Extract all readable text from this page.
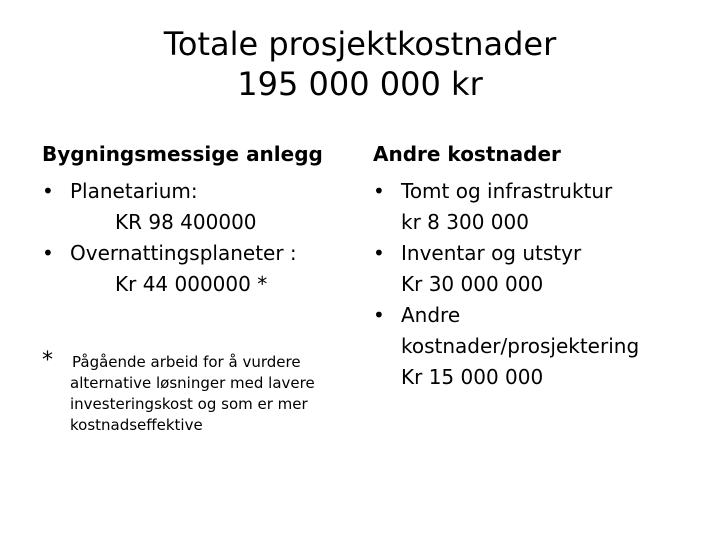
Totale prosjektkostnader
195 000 000 kr
Bygningsmessige anlegg	Andre kostnader
• Planetarium:
KR 98 400000
• Overnattingsplaneter :
Kr 44 000000 *
* Pågående arbeid for å vurdere
alternative løsninger med lavere
investeringskost og som er mer
kostnadseffektive
• Tomt og infrastruktur
kr 8 300 000
• Inventar og utstyr
Kr 30 000 000
• Andre
kostnader/prosjektering
Kr 15 000 000
